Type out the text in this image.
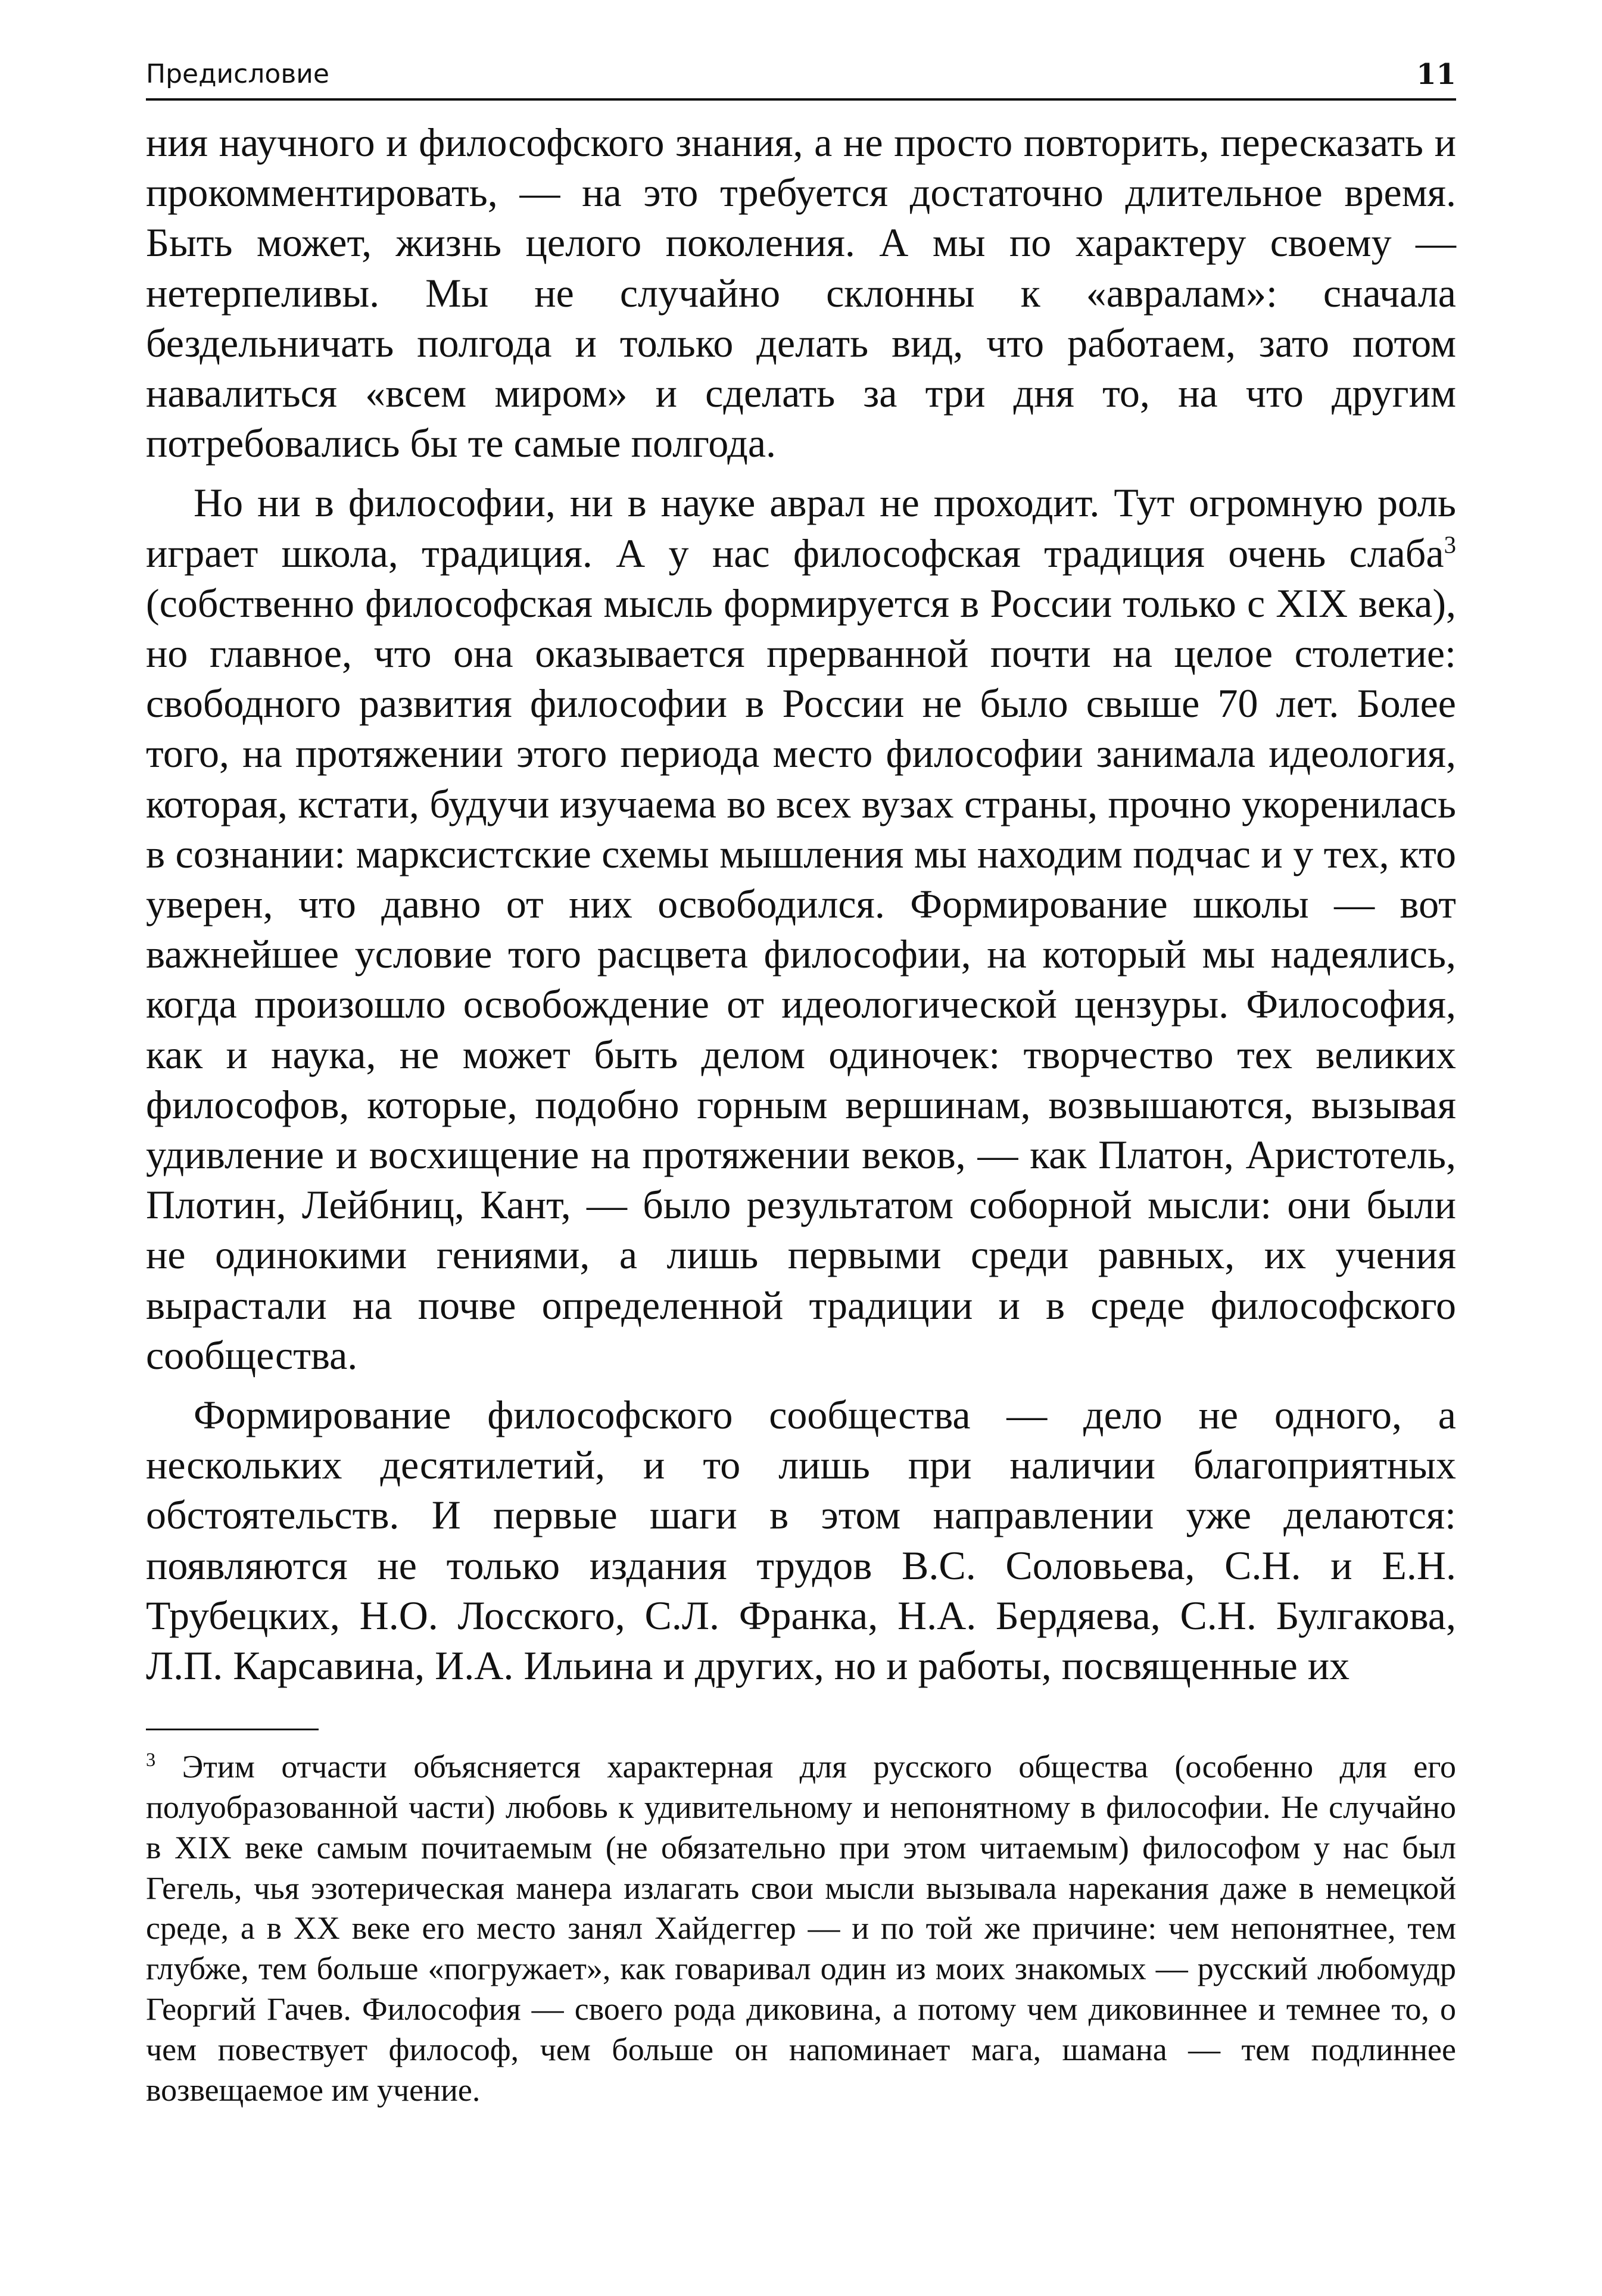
Предисловие	11

ния научного и философского знания, а не просто повторить, пересказать и прокомментировать, — на это требуется достаточно длительное время. Быть может, жизнь целого поколения. А мы по характеру своему — нетерпеливы. Мы не случайно склонны к «авралам»: сначала бездельничать полгода и только делать вид, что работаем, зато потом навалиться «всем миром» и сделать за три дня то, на что другим потребовались бы те самые полгода.

Но ни в философии, ни в науке аврал не проходит. Тут огромную роль играет школа, традиция. А у нас философская традиция очень слаба$^3$ (собственно философская мысль формируется в России только с XIX века), но главное, что она оказывается прерванной почти на целое столетие: свободного развития философии в России не было свыше 70 лет. Более того, на протяжении этого периода место философии занимала идеология, которая, кстати, будучи изучаема во всех вузах страны, прочно укоренилась в сознании: марксистские схемы мышления мы находим подчас и у тех, кто уверен, что давно от них освободился. Формирование школы — вот важнейшее условие того расцвета философии, на который мы надеялись, когда произошло освобождение от идеологической цензуры. Философия, как и наука, не может быть делом одиночек: творчество тех великих философов, которые, подобно горным вершинам, возвышаются, вызывая удивление и восхищение на протяжении веков, — как Платон, Аристотель, Плотин, Лейбниц, Кант, — было результатом соборной мысли: они были не одинокими гениями, а лишь первыми среди равных, их учения вырастали на почве определенной традиции и в среде философского сообщества.

Формирование философского сообщества — дело не одного, а нескольких десятилетий, и то лишь при наличии благоприятных обстоятельств. И первые шаги в этом направлении уже делаются: появляются не только издания трудов В.С. Соловьева, С.Н. и Е.Н. Трубецких, Н.О. Лосского, С.Л. Франка, Н.А. Бердяева, С.Н. Булгакова, Л.П. Карсавина, И.А. Ильина и других, но и работы, посвященные их

$^3$ Этим отчасти объясняется характерная для русского общества (особенно для его полуобразованной части) любовь к удивительному и непонятному в философии. Не случайно в XIX веке самым почитаемым (не обязательно при этом читаемым) философом у нас был Гегель, чья эзотерическая манера излагать свои мысли вызывала нарекания даже в немецкой среде, а в XX веке его место занял Хайдеггер — и по той же причине: чем непонятнее, тем глубже, тем больше «погружает», как говаривал один из моих знакомых — русский любомудр Георгий Гачев. Философия — своего рода диковина, а потому чем диковиннее и темнее то, о чем повествует философ, чем больше он напоминает мага, шамана — тем подлиннее возвещаемое им учение.
